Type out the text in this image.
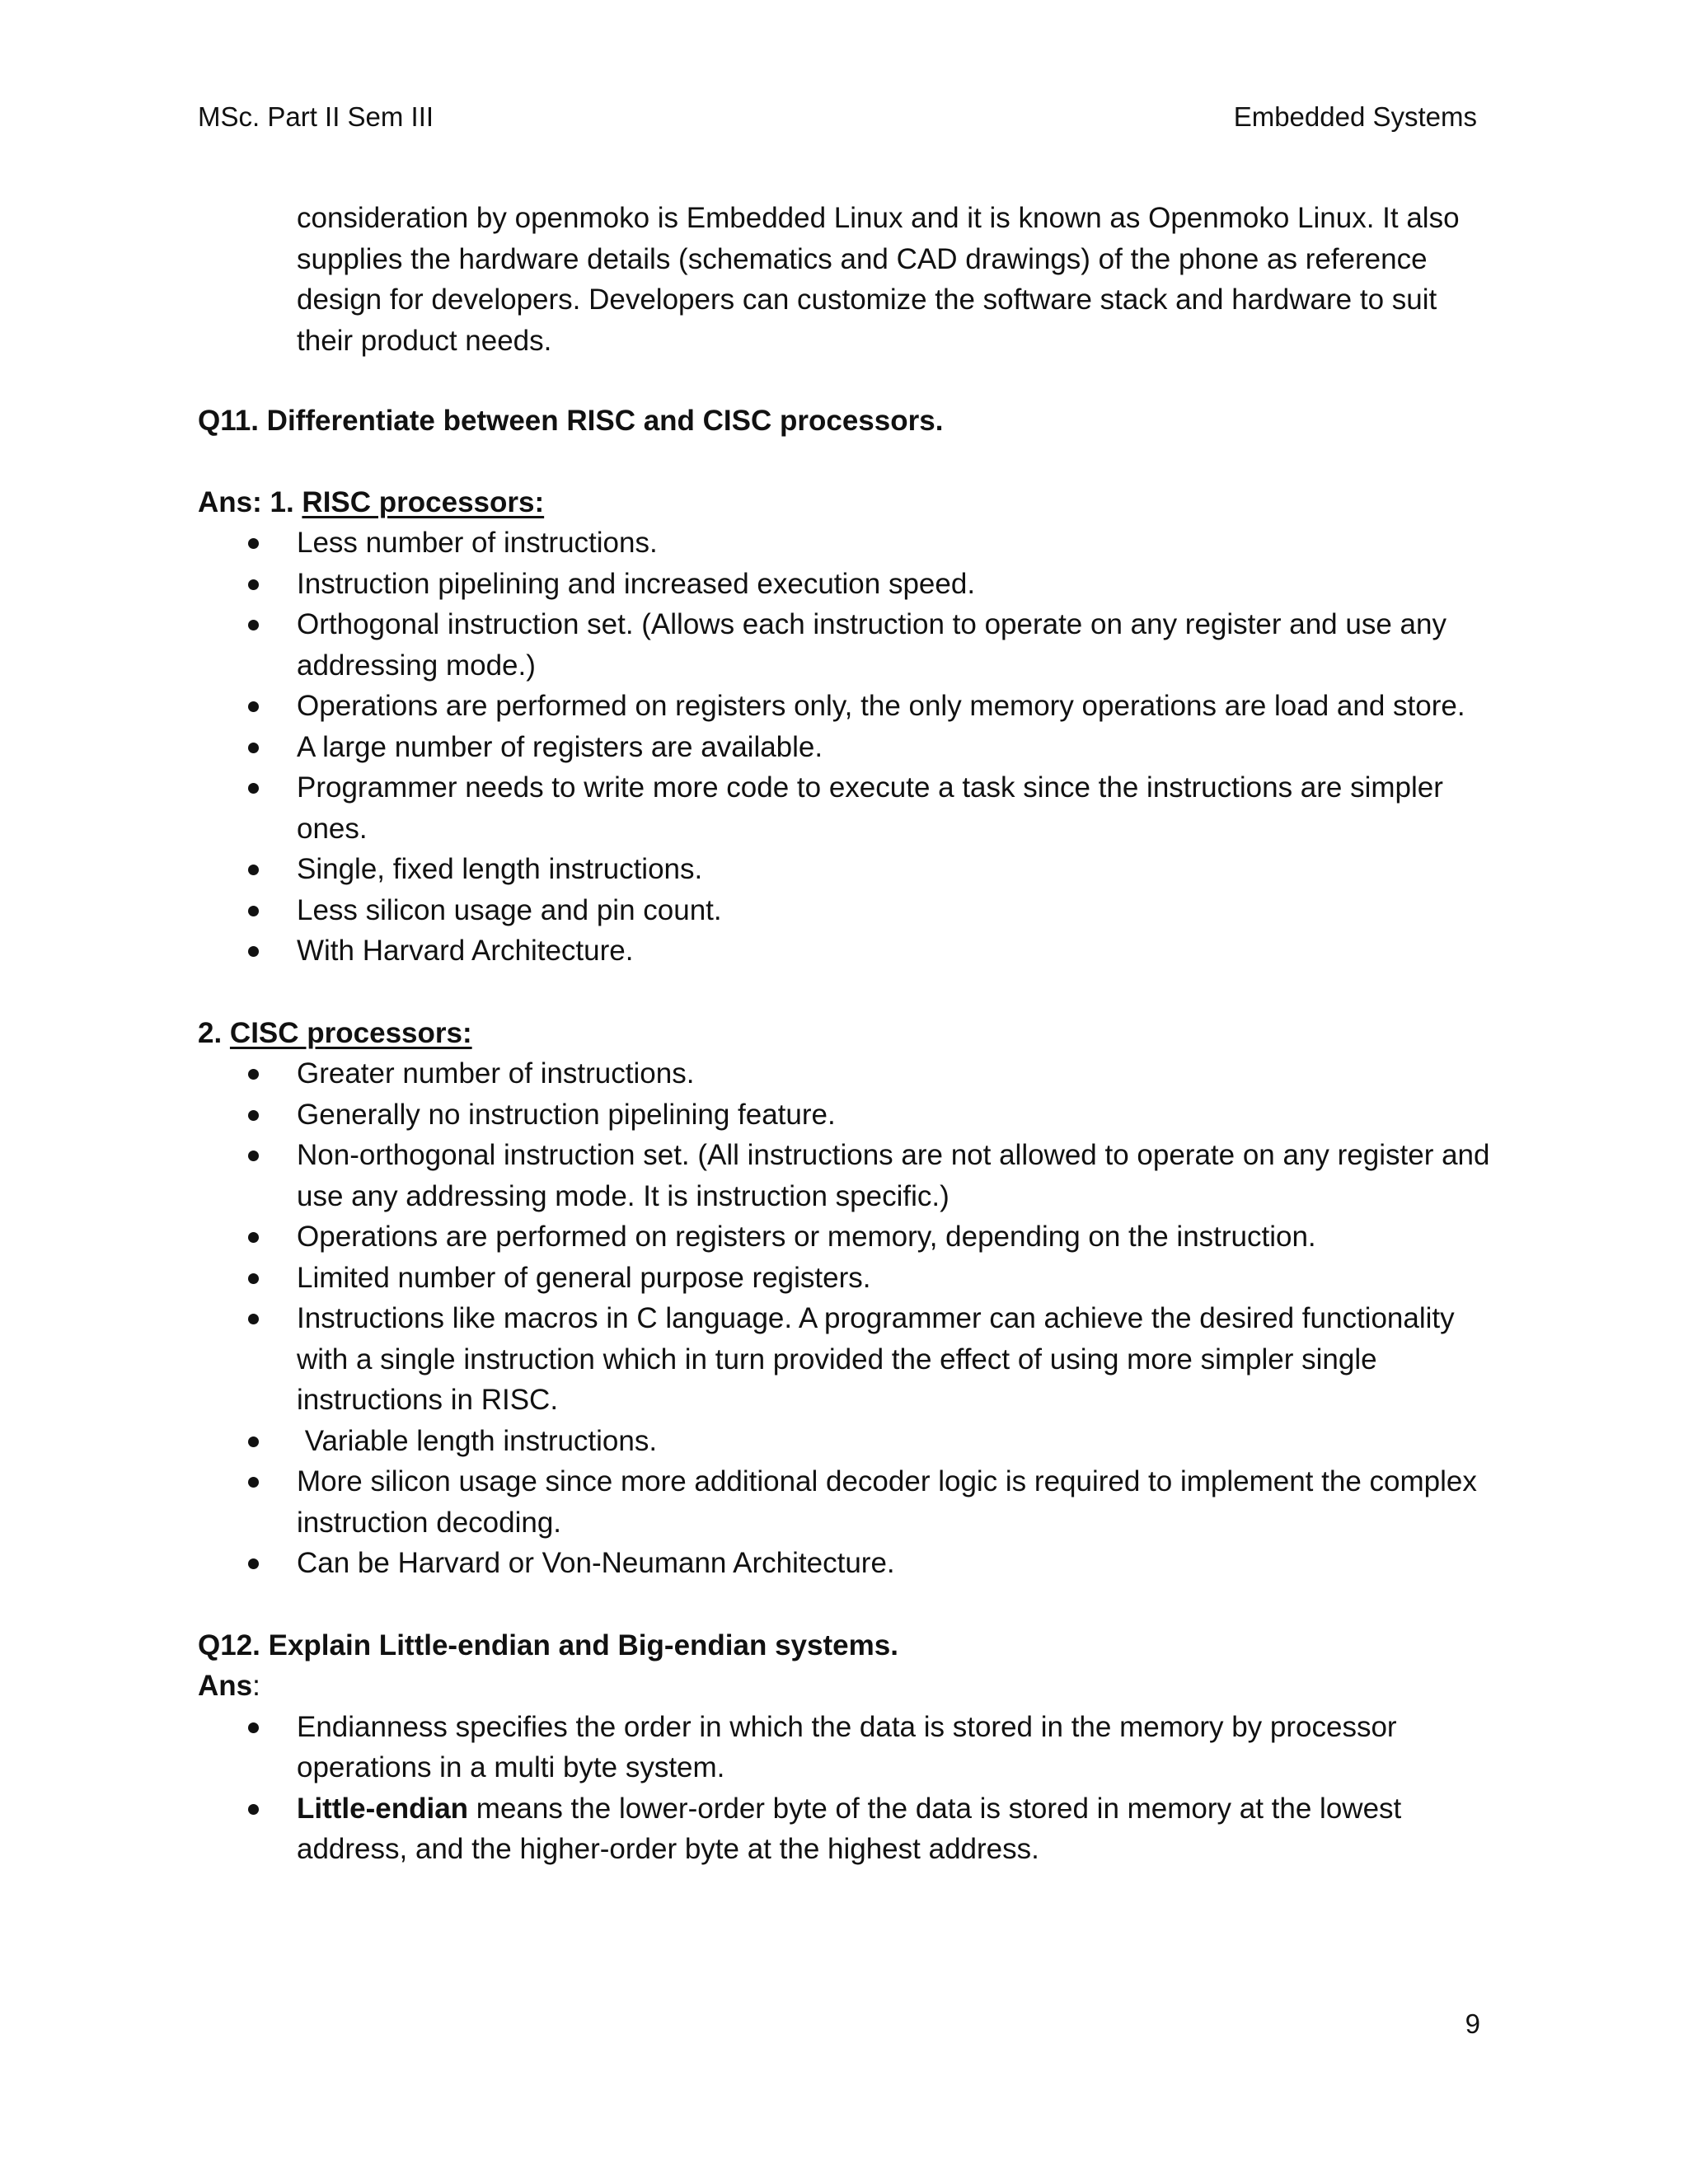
MSc. Part II Sem III	Embedded Systems

consideration by openmoko is Embedded Linux and it is known as Openmoko Linux. It also supplies the hardware details (schematics and CAD drawings) of the phone as reference design for developers. Developers can customize the software stack and hardware to suit their product needs.

Q11. Differentiate between RISC and CISC processors.
Ans: 1. RISC processors:
Less number of instructions.
Instruction pipelining and increased execution speed.
Orthogonal instruction set. (Allows each instruction to operate on any register and use any addressing mode.)
Operations are performed on registers only, the only memory operations are load and store.
A large number of registers are available.
Programmer needs to write more code to execute a task since the instructions are simpler ones.
Single, fixed length instructions.
Less silicon usage and pin count.
With Harvard Architecture.
2. CISC processors:
Greater number of instructions.
Generally no instruction pipelining feature.
Non-orthogonal instruction set. (All instructions are not allowed to operate on any register and use any addressing mode. It is instruction specific.)
Operations are performed on registers or memory, depending on the instruction.
Limited number of general purpose registers.
Instructions like macros in C language. A programmer can achieve the desired functionality with a single instruction which in turn provided the effect of using more simpler single instructions in RISC.
Variable length instructions.
More silicon usage since more additional decoder logic is required to implement the complex instruction decoding.
Can be Harvard or Von-Neumann Architecture.
Q12. Explain Little-endian and Big-endian systems.
Ans:
Endianness specifies the order in which the data is stored in the memory by processor operations in a multi byte system.
Little-endian means the lower-order byte of the data is stored in memory at the lowest address, and the higher-order byte at the highest address.
9
